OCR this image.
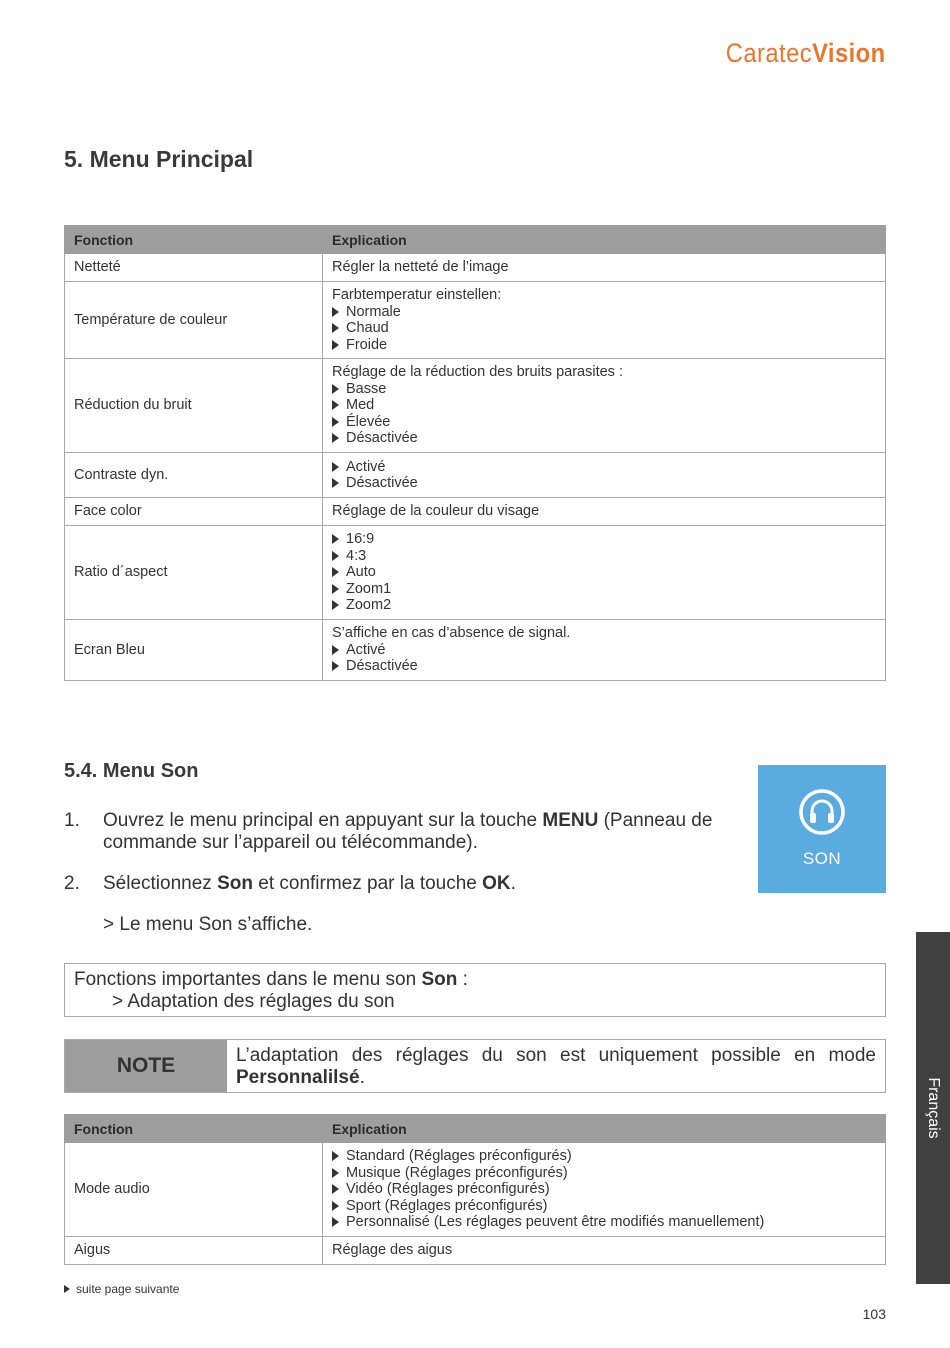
CaratecVision
5. Menu Principal
Fonction	Explication
Netteté	Régler la netteté de l’image

Température de couleur	Farbtemperatur einstellen:
Normale
Chaud
Froide

Réduction du bruit	Réglage de la réduction des bruits parasites :
Basse
Med
Élevée
Désactivée

Contraste dyn.	Activé
Désactivée

Face color	Réglage de la couleur du visage

Ratio d´aspect	16:9
4:3
Auto
Zoom1
Zoom2

Ecran Bleu	S’affiche en cas d’absence de signal.
Activé
Désactivée
5.4. Menu Son
1. Ouvrez le menu principal en appuyant sur la touche MENU (Panneau de commande sur l’appareil ou télécommande).
2. Sélectionnez Son et confirmez par la touche OK.
> Le menu Son s’affiche.
SON
Fonctions importantes dans le menu son Son :
> Adaptation des réglages du son
NOTE	L’adaptation des réglages du son est uniquement possible en mode Personnalilsé.
Fonction	Explication
Mode audio	Standard (Réglages préconfigurés)
Musique (Réglages préconfigurés)
Vidéo (Réglages préconfigurés)
Sport (Réglages préconfigurés)
Personnalisé (Les réglages peuvent être modifiés manuellement)

Aigus	Réglage des aigus
suite page suivante
103
Français
